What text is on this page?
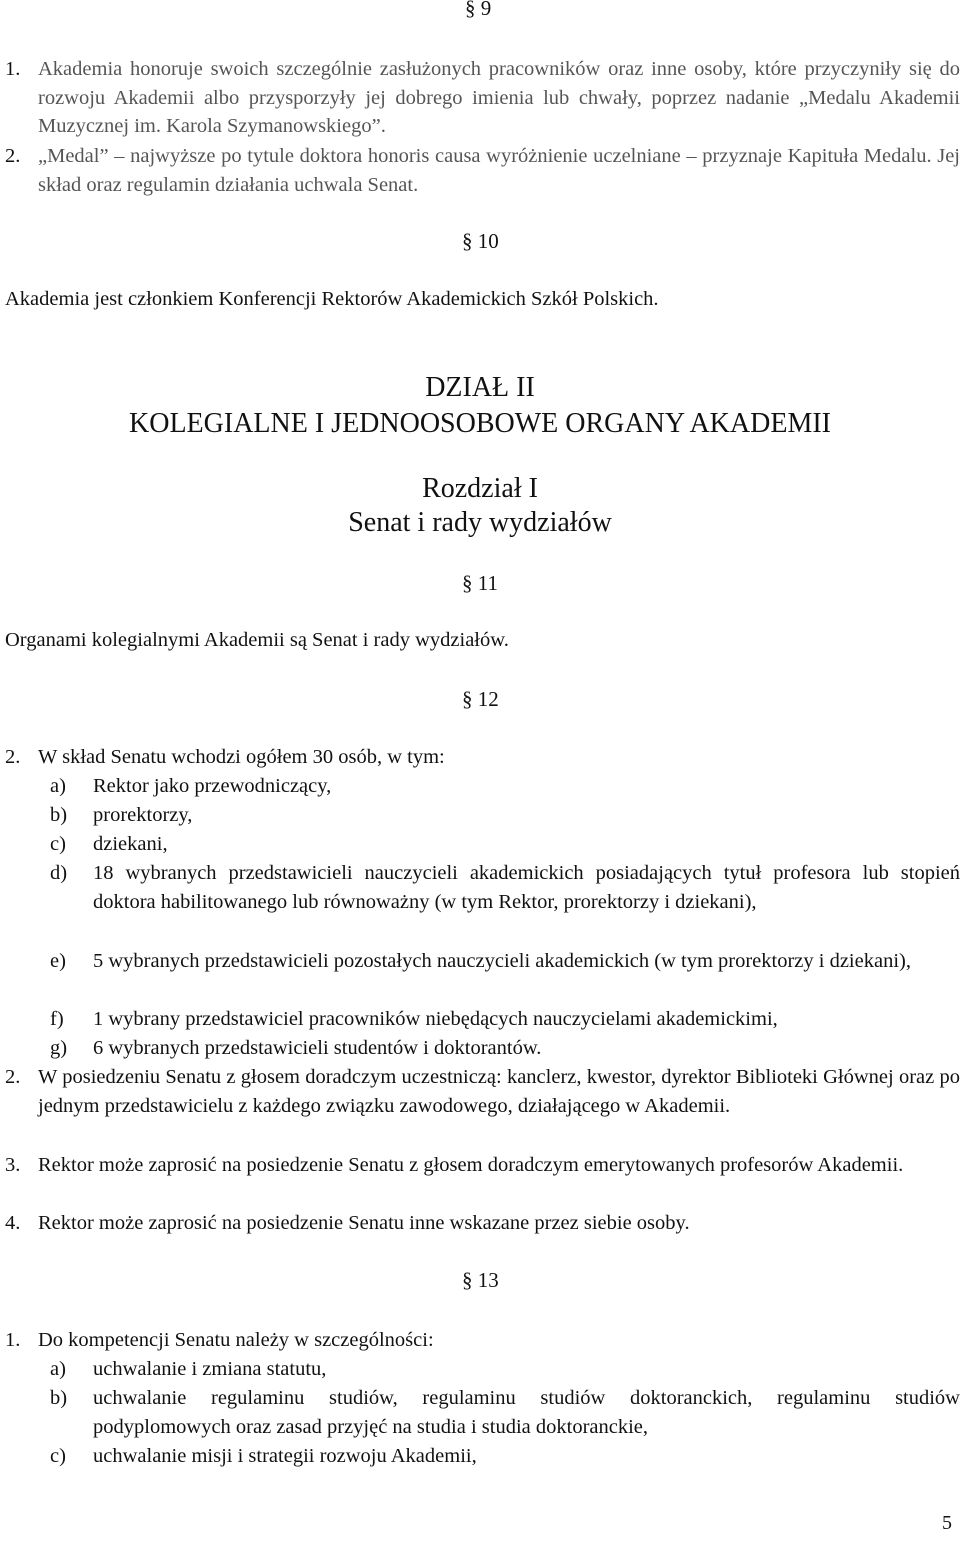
§ 9
1. Akademia honoruje swoich szczególnie zasłużonych pracowników oraz inne osoby, które przyczyniły się do rozwoju Akademii albo przysporzyły jej dobrego imienia lub chwały, poprzez nadanie „Medalu Akademii Muzycznej im. Karola Szymanowskiego”.
2. „Medal” – najwyższe po tytule doktora honoris causa wyróżnienie uczelniane – przyznaje Kapituła Medalu. Jej skład oraz regulamin działania uchwala Senat.
§ 10
Akademia jest członkiem Konferencji Rektorów Akademickich Szkół Polskich.
DZIAŁ II
KOLEGIALNE I JEDNOOSOBOWE ORGANY AKADEMII
Rozdział I
Senat i rady wydziałów
§ 11
Organami kolegialnymi Akademii są Senat i rady wydziałów.
§ 12
2. W skład Senatu wchodzi ogółem 30 osób, w tym:
a)	Rektor jako przewodniczący,
b)	prorektorzy,
c)	dziekani,
d)	18 wybranych przedstawicieli nauczycieli akademickich posiadających tytuł profesora lub stopień doktora habilitowanego lub równoważny (w tym Rektor, prorektorzy i dziekani),
e)	5 wybranych przedstawicieli pozostałych nauczycieli akademickich (w tym prorektorzy i dziekani),
f)	1 wybrany przedstawiciel pracowników niebędących nauczycielami akademickimi,
g)	6 wybranych przedstawicieli studentów i doktorantów.
2. W posiedzeniu Senatu z głosem doradczym uczestniczą: kanclerz, kwestor, dyrektor Biblioteki Głównej oraz po jednym przedstawicielu z każdego związku zawodowego, działającego w Akademii.
3. Rektor może zaprosić na posiedzenie Senatu z głosem doradczym emerytowanych profesorów Akademii.
4. Rektor może zaprosić na posiedzenie Senatu inne wskazane przez siebie osoby.
§ 13
1. Do kompetencji Senatu należy w szczególności:
a)	uchwalanie i zmiana statutu,
b)	uchwalanie regulaminu studiów, regulaminu studiów doktoranckich, regulaminu studiów podyplomowych oraz zasad przyjęć na studia i studia doktoranckie,
c)	uchwalanie misji i strategii rozwoju Akademii,
5
